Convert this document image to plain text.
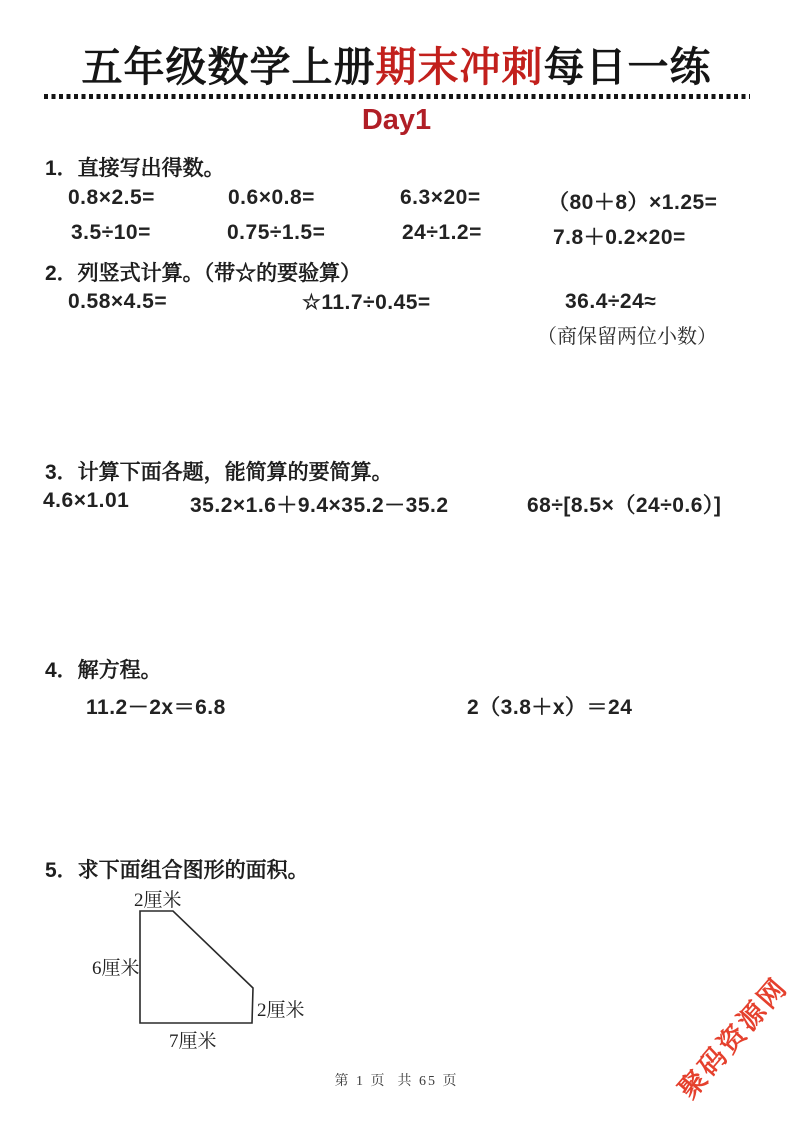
五年级数学上册期末冲刺每日一练
Day1
1．直接写出得数。
0.8×2.5=	0.6×0.8=	6.3×20=	（80＋8）×1.25=
3.5÷10=	0.75÷1.5=	24÷1.2=	7.8＋0.2×20=
2．列竖式计算。（带☆的要验算）
0.58×4.5=	☆11.7÷0.45=	36.4÷24≈
（商保留两位小数）
3．计算下面各题，能简算的要简算。
4.6×1.01	35.2×1.6＋9.4×35.2－35.2	68÷[8.5×（24÷0.6）]
4．解方程。
11.2－2x＝6.8	2（3.8＋x）＝24
5．求下面组合图形的面积。
2厘米
6厘米
2厘米
7厘米
第 1 页  共 65 页	聚码资源网
